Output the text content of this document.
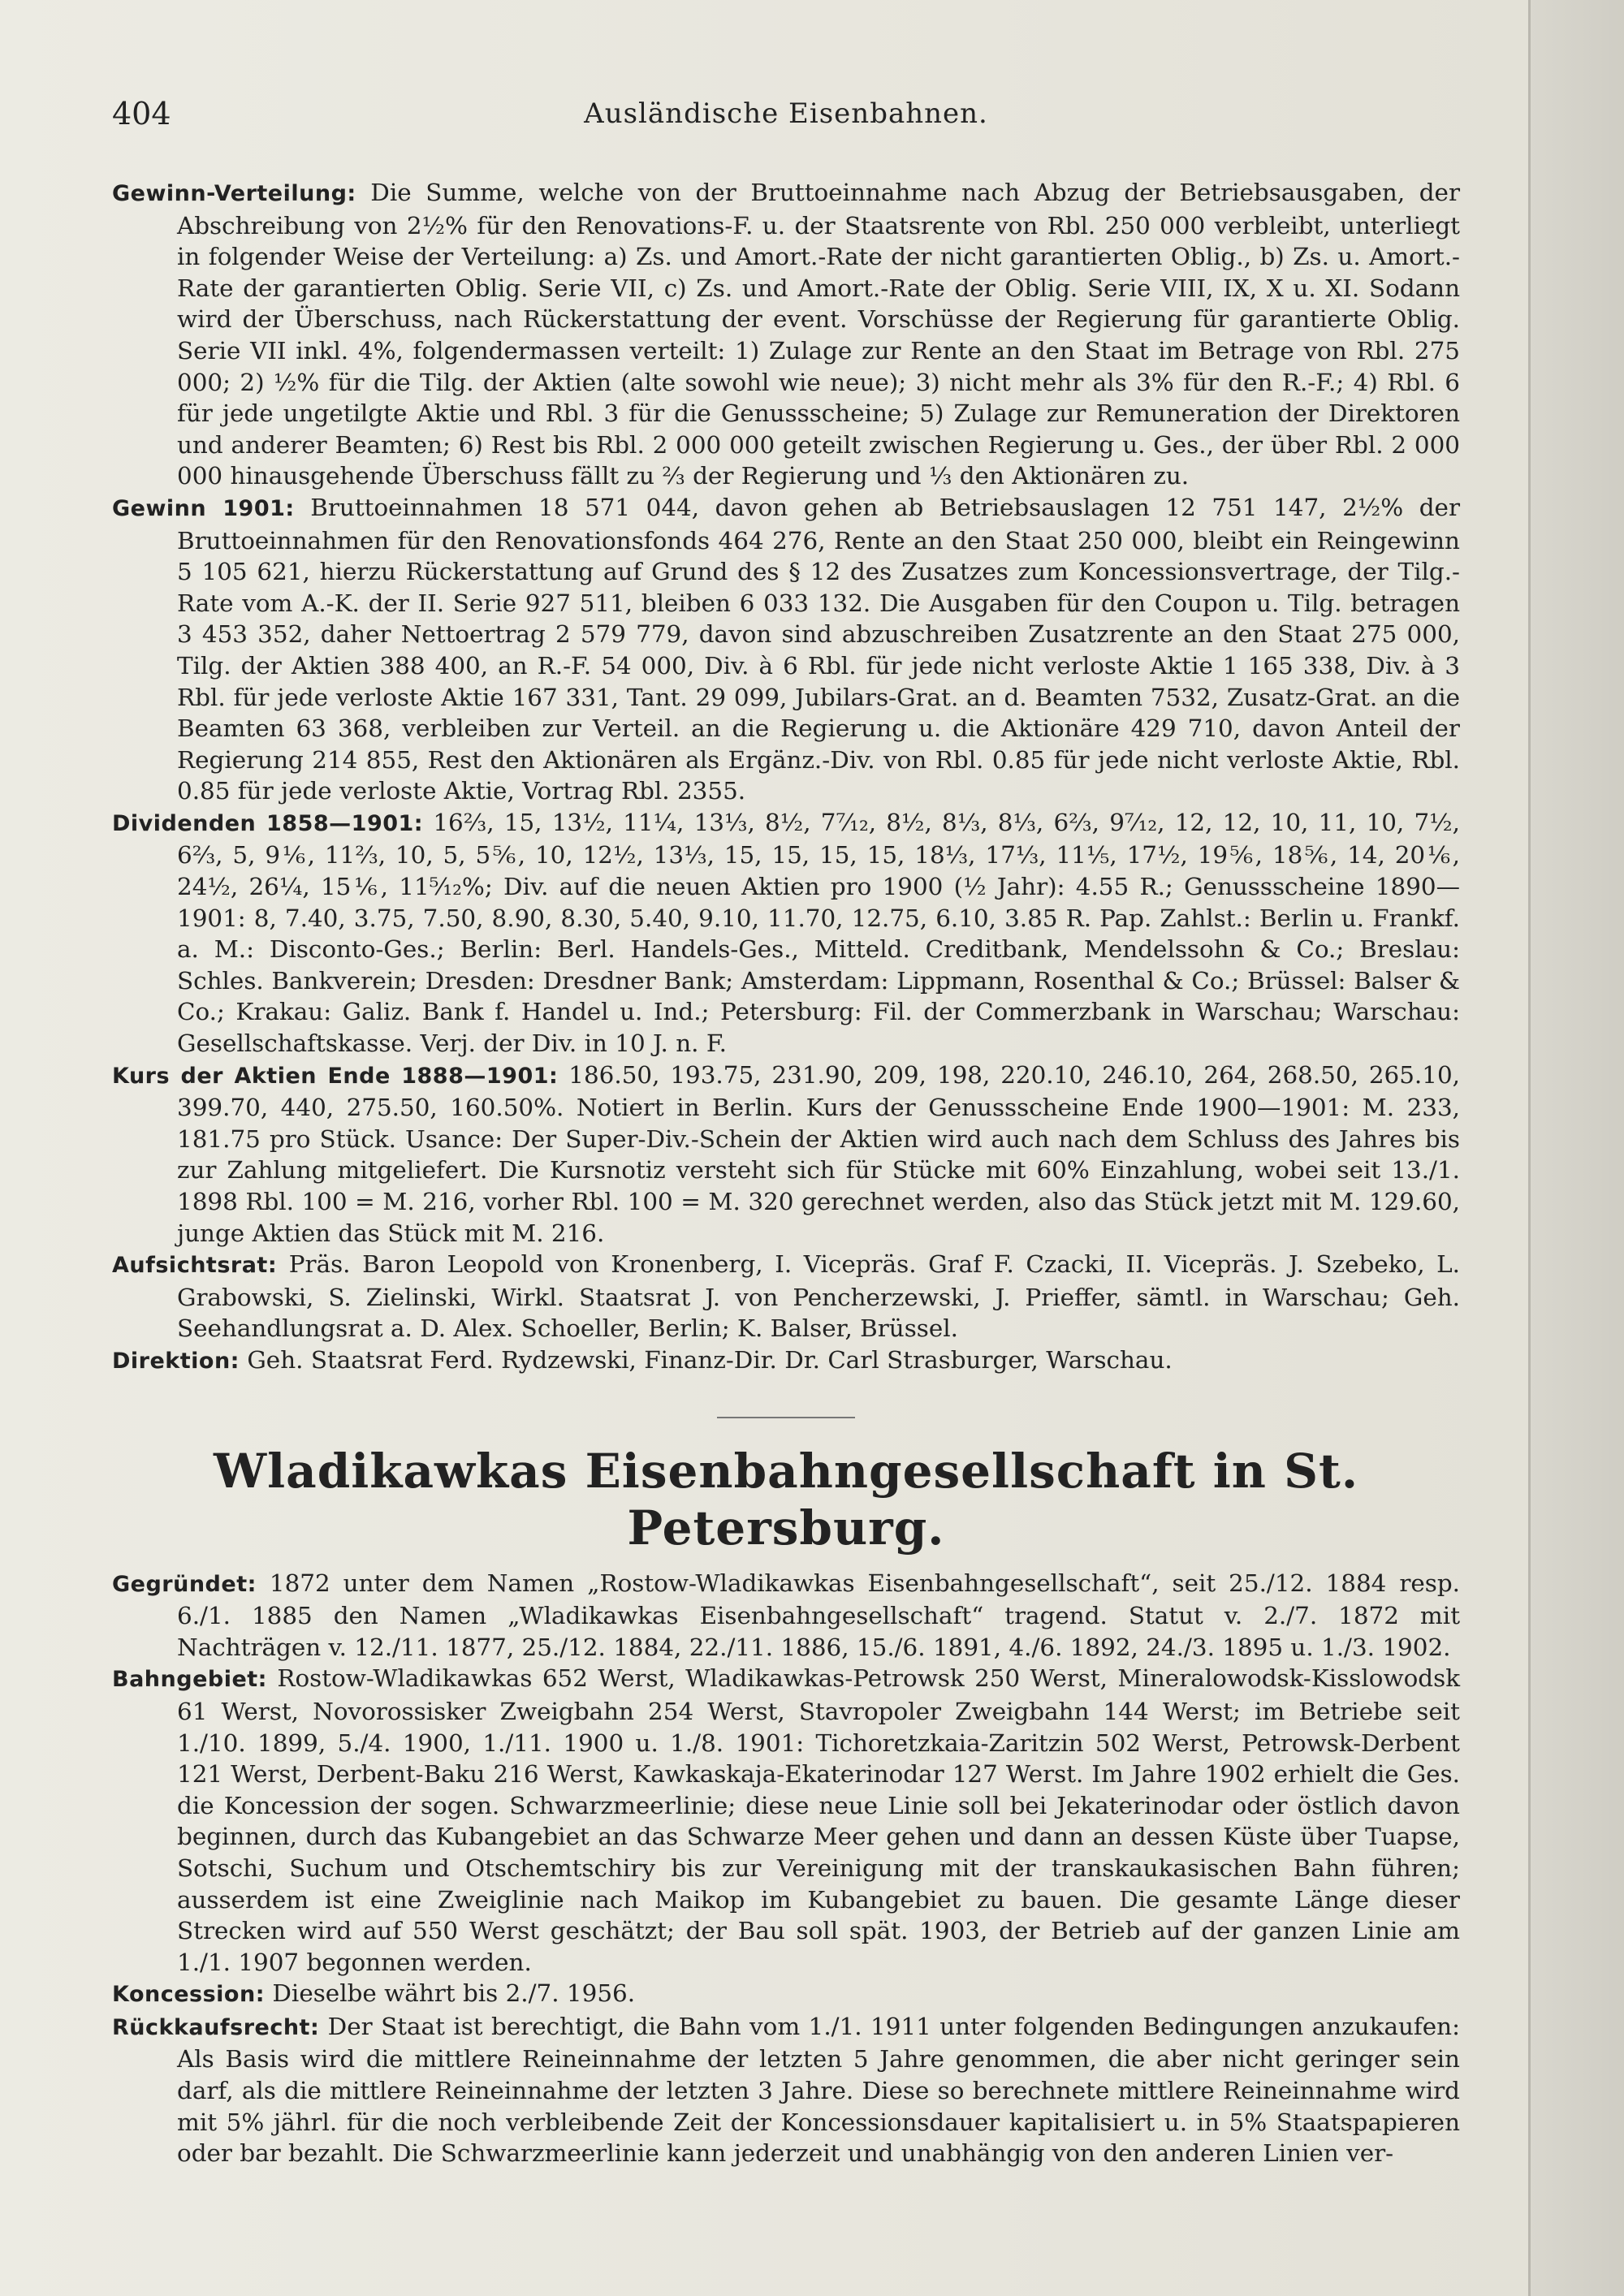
404	Ausländische Eisenbahnen.

Gewinn-Verteilung: Die Summe, welche von der Bruttoeinnahme nach Abzug der Betriebsausgaben, der Abschreibung von 2½% für den Renovations-F. u. der Staatsrente von Rbl. 250 000 verbleibt, unterliegt in folgender Weise der Verteilung: a) Zs. und Amort.-Rate der nicht garantierten Oblig., b) Zs. u. Amort.-Rate der garantierten Oblig. Serie VII, c) Zs. und Amort.-Rate der Oblig. Serie VIII, IX, X u. XI. Sodann wird der Überschuss, nach Rückerstattung der event. Vorschüsse der Regierung für garantierte Oblig. Serie VII inkl. 4%, folgendermassen verteilt: 1) Zulage zur Rente an den Staat im Betrage von Rbl. 275 000; 2) ½% für die Tilg. der Aktien (alte sowohl wie neue); 3) nicht mehr als 3% für den R.-F.; 4) Rbl. 6 für jede ungetilgte Aktie und Rbl. 3 für die Genussscheine; 5) Zulage zur Remuneration der Direktoren und anderer Beamten; 6) Rest bis Rbl. 2 000 000 geteilt zwischen Regierung u. Ges., der über Rbl. 2 000 000 hinausgehende Überschuss fällt zu ⅔ der Regierung und ⅓ den Aktionären zu.

Gewinn 1901: Bruttoeinnahmen 18 571 044, davon gehen ab Betriebsauslagen 12 751 147, 2½% der Bruttoeinnahmen für den Renovationsfonds 464 276, Rente an den Staat 250 000, bleibt ein Reingewinn 5 105 621, hierzu Rückerstattung auf Grund des § 12 des Zusatzes zum Koncessionsvertrage, der Tilg.-Rate vom A.-K. der II. Serie 927 511, bleiben 6 033 132. Die Ausgaben für den Coupon u. Tilg. betragen 3 453 352, daher Nettoertrag 2 579 779, davon sind abzuschreiben Zusatzrente an den Staat 275 000, Tilg. der Aktien 388 400, an R.-F. 54 000, Div. à 6 Rbl. für jede nicht verloste Aktie 1 165 338, Div. à 3 Rbl. für jede verloste Aktie 167 331, Tant. 29 099, Jubilars-Grat. an d. Beamten 7532, Zusatz-Grat. an die Beamten 63 368, verbleiben zur Verteil. an die Regierung u. die Aktionäre 429 710, davon Anteil der Regierung 214 855, Rest den Aktionären als Ergänz.-Div. von Rbl. 0.85 für jede nicht verloste Aktie, Rbl. 0.85 für jede verloste Aktie, Vortrag Rbl. 2355.

Dividenden 1858—1901: 16⅔, 15, 13½, 11¼, 13⅓, 8½, 7⁷⁄₁₂, 8½, 8⅓, 8⅓, 6⅔, 9⁷⁄₁₂, 12, 12, 10, 11, 10, 7½, 6⅔, 5, 9⅙, 11⅔, 10, 5, 5⅚, 10, 12½, 13⅓, 15, 15, 15, 15, 18⅓, 17⅓, 11⅕, 17½, 19⅚, 18⅚, 14, 20⅙, 24½, 26¼, 15⅙, 11⁵⁄₁₂%; Div. auf die neuen Aktien pro 1900 (½ Jahr): 4.55 R.; Genussscheine 1890—1901: 8, 7.40, 3.75, 7.50, 8.90, 8.30, 5.40, 9.10, 11.70, 12.75, 6.10, 3.85 R. Pap. Zahlst.: Berlin u. Frankf. a. M.: Disconto-Ges.; Berlin: Berl. Handels-Ges., Mitteld. Creditbank, Mendelssohn & Co.; Breslau: Schles. Bankverein; Dresden: Dresdner Bank; Amsterdam: Lippmann, Rosenthal & Co.; Brüssel: Balser & Co.; Krakau: Galiz. Bank f. Handel u. Ind.; Petersburg: Fil. der Commerzbank in Warschau; Warschau: Gesellschaftskasse. Verj. der Div. in 10 J. n. F.

Kurs der Aktien Ende 1888—1901: 186.50, 193.75, 231.90, 209, 198, 220.10, 246.10, 264, 268.50, 265.10, 399.70, 440, 275.50, 160.50%. Notiert in Berlin. Kurs der Genussscheine Ende 1900—1901: M. 233, 181.75 pro Stück. Usance: Der Super-Div.-Schein der Aktien wird auch nach dem Schluss des Jahres bis zur Zahlung mitgeliefert. Die Kursnotiz versteht sich für Stücke mit 60% Einzahlung, wobei seit 13./1. 1898 Rbl. 100 = M. 216, vorher Rbl. 100 = M. 320 gerechnet werden, also das Stück jetzt mit M. 129.60, junge Aktien das Stück mit M. 216.

Aufsichtsrat: Präs. Baron Leopold von Kronenberg, I. Vicepräs. Graf F. Czacki, II. Vicepräs. J. Szebeko, L. Grabowski, S. Zielinski, Wirkl. Staatsrat J. von Pencherzewski, J. Prieffer, sämtl. in Warschau; Geh. Seehandlungsrat a. D. Alex. Schoeller, Berlin; K. Balser, Brüssel.

Direktion: Geh. Staatsrat Ferd. Rydzewski, Finanz-Dir. Dr. Carl Strasburger, Warschau.

Wladikawkas Eisenbahngesellschaft in St. Petersburg.

Gegründet: 1872 unter dem Namen „Rostow-Wladikawkas Eisenbahngesellschaft“, seit 25./12. 1884 resp. 6./1. 1885 den Namen „Wladikawkas Eisenbahngesellschaft“ tragend. Statut v. 2./7. 1872 mit Nachträgen v. 12./11. 1877, 25./12. 1884, 22./11. 1886, 15./6. 1891, 4./6. 1892, 24./3. 1895 u. 1./3. 1902.

Bahngebiet: Rostow-Wladikawkas 652 Werst, Wladikawkas-Petrowsk 250 Werst, Mineralowodsk-Kisslowodsk 61 Werst, Novorossisker Zweigbahn 254 Werst, Stavropoler Zweigbahn 144 Werst; im Betriebe seit 1./10. 1899, 5./4. 1900, 1./11. 1900 u. 1./8. 1901: Tichoretzkaia-Zaritzin 502 Werst, Petrowsk-Derbent 121 Werst, Derbent-Baku 216 Werst, Kawkaskaja-Ekaterinodar 127 Werst. Im Jahre 1902 erhielt die Ges. die Koncession der sogen. Schwarzmeerlinie; diese neue Linie soll bei Jekaterinodar oder östlich davon beginnen, durch das Kubangebiet an das Schwarze Meer gehen und dann an dessen Küste über Tuapse, Sotschi, Suchum und Otschemtschiry bis zur Vereinigung mit der transkaukasischen Bahn führen; ausserdem ist eine Zweiglinie nach Maikop im Kubangebiet zu bauen. Die gesamte Länge dieser Strecken wird auf 550 Werst geschätzt; der Bau soll spät. 1903, der Betrieb auf der ganzen Linie am 1./1. 1907 begonnen werden.

Koncession: Dieselbe währt bis 2./7. 1956.

Rückkaufsrecht: Der Staat ist berechtigt, die Bahn vom 1./1. 1911 unter folgenden Bedingungen anzukaufen: Als Basis wird die mittlere Reineinnahme der letzten 5 Jahre genommen, die aber nicht geringer sein darf, als die mittlere Reineinnahme der letzten 3 Jahre. Diese so berechnete mittlere Reineinnahme wird mit 5% jährl. für die noch verbleibende Zeit der Koncessionsdauer kapitalisiert u. in 5% Staatspapieren oder bar bezahlt. Die Schwarzmeerlinie kann jederzeit und unabhängig von den anderen Linien ver-
